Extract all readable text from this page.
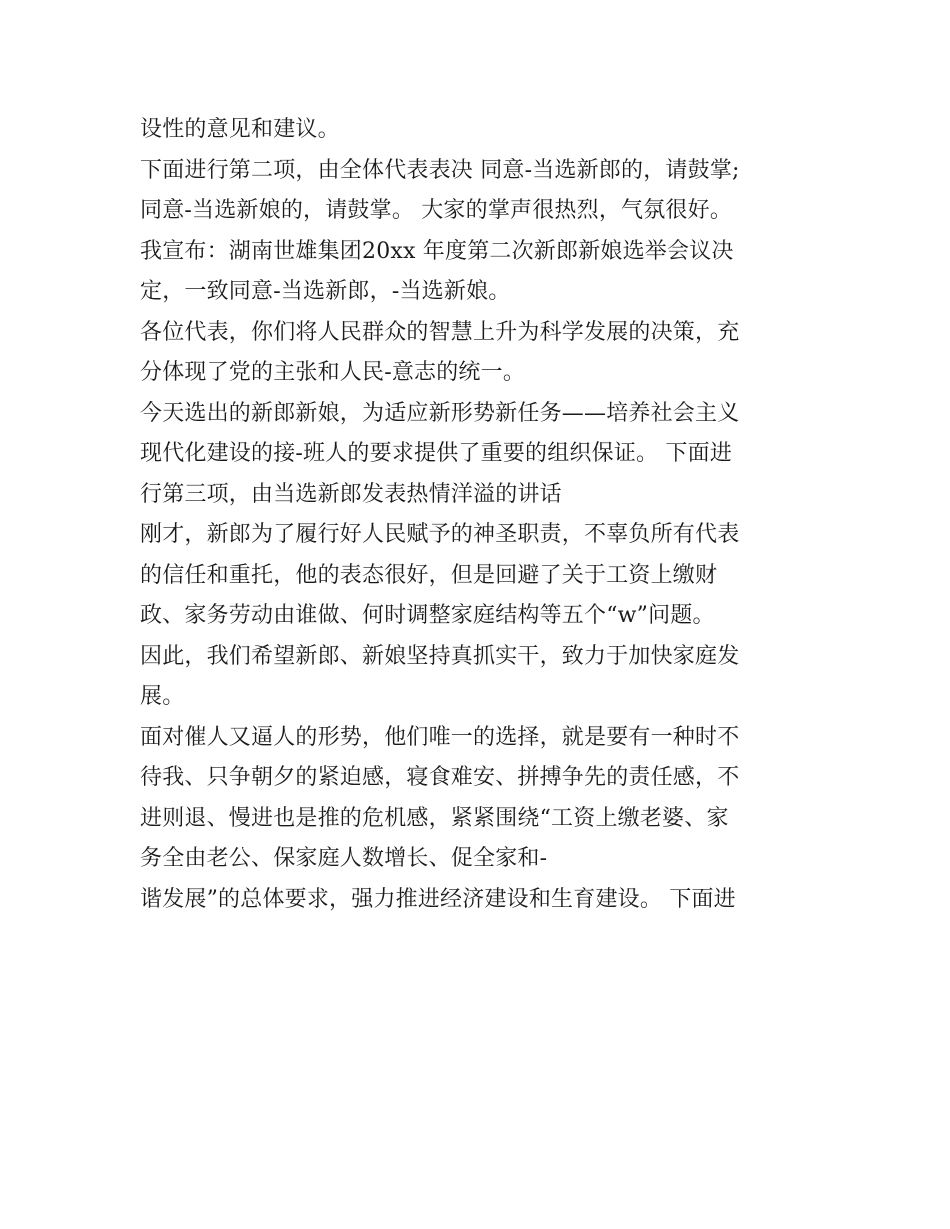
设性的意见和建议。
下面进行第二项，由全体代表表决 同意-当选新郎的，请鼓掌;
同意-当选新娘的，请鼓掌。 大家的掌声很热烈，气氛很好。
我宣布：湖南世雄集团20xx 年度第二次新郎新娘选举会议决
定，一致同意-当选新郎，-当选新娘。
各位代表，你们将人民群众的智慧上升为科学发展的决策，充
分体现了党的主张和人民-意志的统一。
今天选出的新郎新娘，为适应新形势新任务——培养社会主义
现代化建设的接-班人的要求提供了重要的组织保证。 下面进
行第三项，由当选新郎发表热情洋溢的讲话
刚才，新郎为了履行好人民赋予的神圣职责，不辜负所有代表
的信任和重托，他的表态很好，但是回避了关于工资上缴财
政、家务劳动由谁做、何时调整家庭结构等五个“w”问题。
因此，我们希望新郎、新娘坚持真抓实干，致力于加快家庭发
展。
面对催人又逼人的形势，他们唯一的选择，就是要有一种时不
待我、只争朝夕的紧迫感，寝食难安、拼搏争先的责任感，不
进则退、慢进也是推的危机感，紧紧围绕“工资上缴老婆、家
务全由老公、保家庭人数增长、促全家和-
谐发展”的总体要求，强力推进经济建设和生育建设。 下面进
